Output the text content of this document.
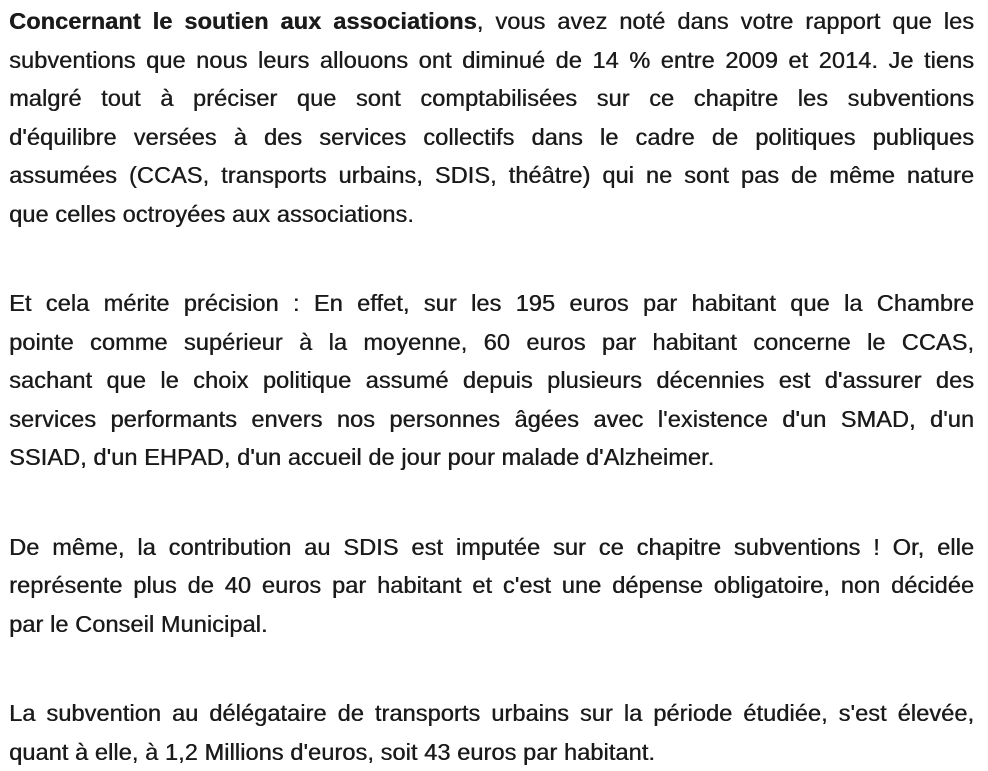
Concernant le soutien aux associations, vous avez noté dans votre rapport que les
subventions que nous leurs allouons ont diminué de 14 % entre 2009 et 2014. Je tiens
malgré tout à préciser que sont comptabilisées sur ce chapitre les subventions
d'équilibre versées à des services collectifs dans le cadre de politiques publiques
assumées (CCAS, transports urbains, SDIS, théâtre) qui ne sont pas de même nature
que celles octroyées aux associations.
Et cela mérite précision : En effet, sur les 195 euros par habitant que la Chambre
pointe comme supérieur à la moyenne, 60 euros par habitant concerne le CCAS,
sachant que le choix politique assumé depuis plusieurs décennies est d'assurer des
services performants envers nos personnes âgées avec l'existence d'un SMAD, d'un
SSIAD, d'un EHPAD, d'un accueil de jour pour malade d'Alzheimer.
De même, la contribution au SDIS est imputée sur ce chapitre subventions ! Or, elle
représente plus de 40 euros par habitant et c'est une dépense obligatoire, non décidée
par le Conseil Municipal.
La subvention au délégataire de transports urbains sur la période étudiée, s'est élevée,
quant à elle, à 1,2 Millions d'euros, soit 43 euros par habitant.
